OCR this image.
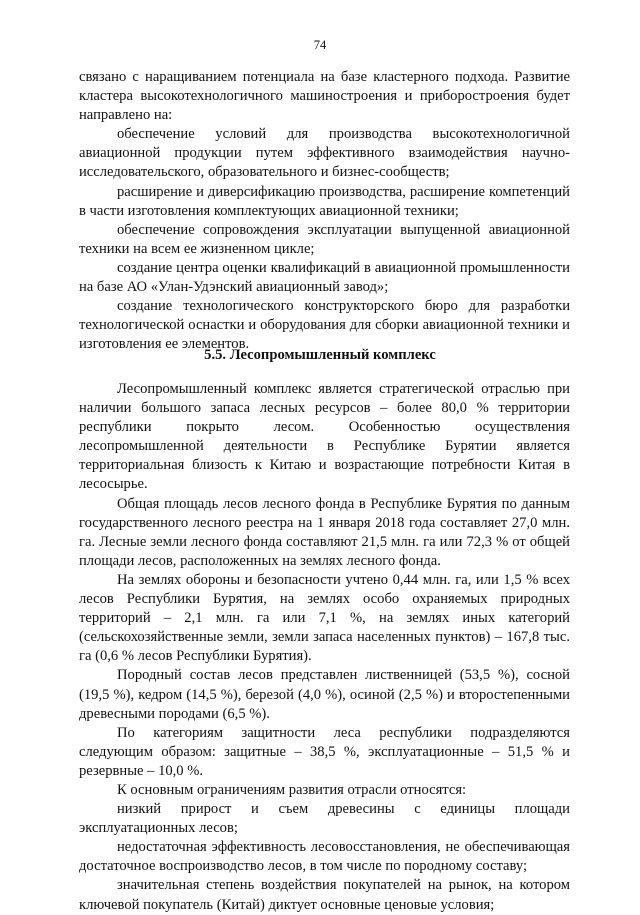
74

связано с наращиванием потенциала на базе кластерного подхода. Развитие кластера высокотехнологичного машиностроения и приборостроения будет направлено на:

обеспечение условий для производства высокотехнологичной авиационной продукции путем эффективного взаимодействия научно-исследовательского, образовательного и бизнес-сообществ;

расширение и диверсификацию производства, расширение компетенций в части изготовления комплектующих авиационной техники;

обеспечение сопровождения эксплуатации выпущенной авиационной техники на всем ее жизненном цикле;

создание центра оценки квалификаций в авиационной промышленности на базе АО «Улан-Удэнский авиационный завод»;

создание технологического конструкторского бюро для разработки технологической оснастки и оборудования для сборки авиационной техники и изготовления ее элементов.

5.5. Лесопромышленный комплекс

Лесопромышленный комплекс является стратегической отраслью при наличии большого запаса лесных ресурсов – более 80,0 % территории республики покрыто лесом. Особенностью осуществления лесопромышленной деятельности в Республике Бурятии является территориальная близость к Китаю и возрастающие потребности Китая в лесосырье.

Общая площадь лесов лесного фонда в Республике Бурятия по данным государственного лесного реестра на 1 января 2018 года составляет 27,0 млн. га. Лесные земли лесного фонда составляют 21,5 млн. га или 72,3 % от общей площади лесов, расположенных на землях лесного фонда.

На землях обороны и безопасности учтено 0,44 млн. га, или 1,5 % всех лесов Республики Бурятия, на землях особо охраняемых природных территорий – 2,1 млн. га или 7,1 %, на землях иных категорий (сельскохозяйственные земли, земли запаса населенных пунктов) – 167,8 тыс. га (0,6 % лесов Республики Бурятия).

Породный состав лесов представлен лиственницей (53,5 %), сосной (19,5 %), кедром (14,5 %), березой (4,0 %), осиной (2,5 %) и второстепенными древесными породами (6,5 %).

По категориям защитности леса республики подразделяются следующим образом: защитные – 38,5 %, эксплуатационные – 51,5 % и резервные – 10,0 %.

К основным ограничениям развития отрасли относятся:

низкий прирост и съем древесины с единицы площади эксплуатационных лесов;

недостаточная эффективность лесовосстановления, не обеспечивающая достаточное воспроизводство лесов, в том числе по породному составу;

значительная степень воздействия покупателей на рынок, на котором ключевой покупатель (Китай) диктует основные ценовые условия;
